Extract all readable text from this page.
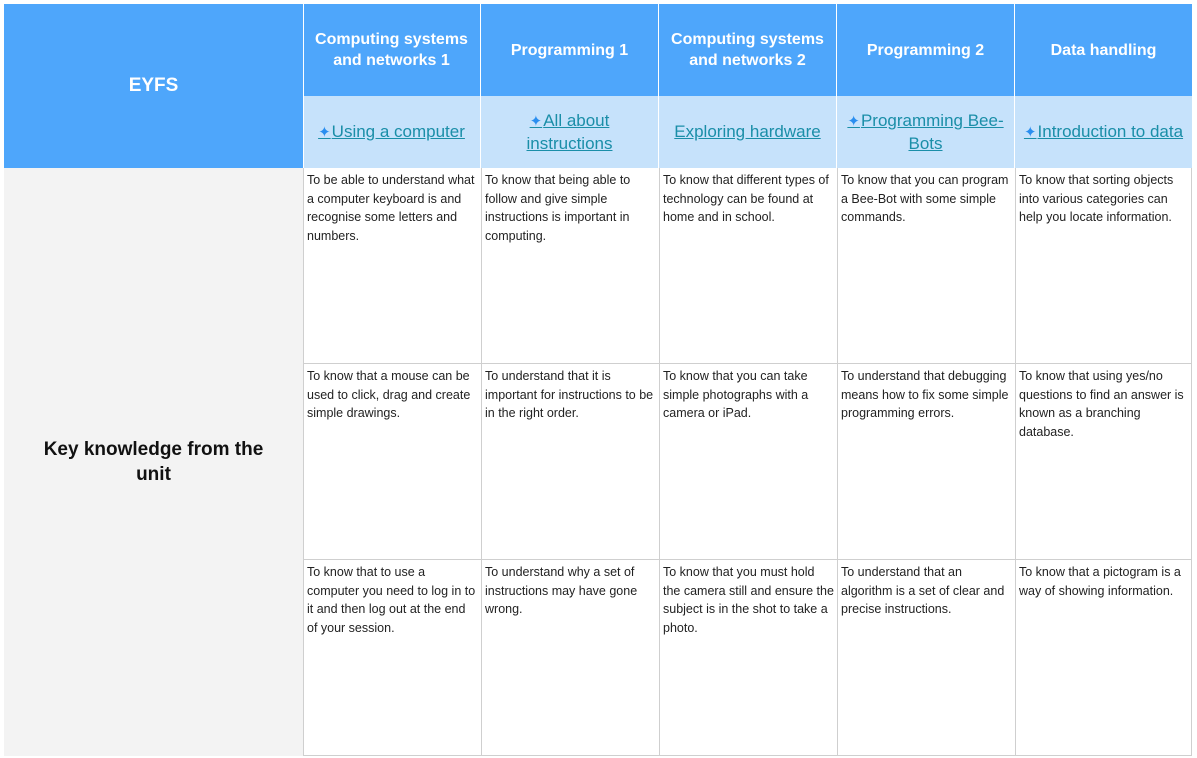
EYFS
Computing systems and networks 1
Programming 1
Computing systems and networks 2
Programming 2	Data handling
✦Using a computer
✦All about instructions
Exploring hardware
✦Programming Bee-Bots
✦Introduction to data
Key knowledge from the unit
To be able to understand what a computer keyboard is and recognise some letters and numbers.
To know that a mouse can be used to click, drag and create simple drawings.
To know that to use a computer you need to log in to it and then log out at the end of your session.
To know that being able to follow and give simple instructions is important in computing.
To understand that it is important for instructions to be in the right order.
To understand why a set of instructions may have gone wrong.
To know that different types of technology can be found at home and in school.
To know that you can take simple photographs with a camera or iPad.
To know that you must hold the camera still and ensure the subject is in the shot to take a photo.
To know that you can program a Bee-Bot with some simple commands.
To understand that debugging means how to fix some simple programming errors.
To understand that an algorithm is a set of clear and precise instructions.
To know that sorting objects into various categories can help you locate information.
To know that using yes/no questions to find an answer is known as a branching database.
To know that a pictogram is a way of showing information.
